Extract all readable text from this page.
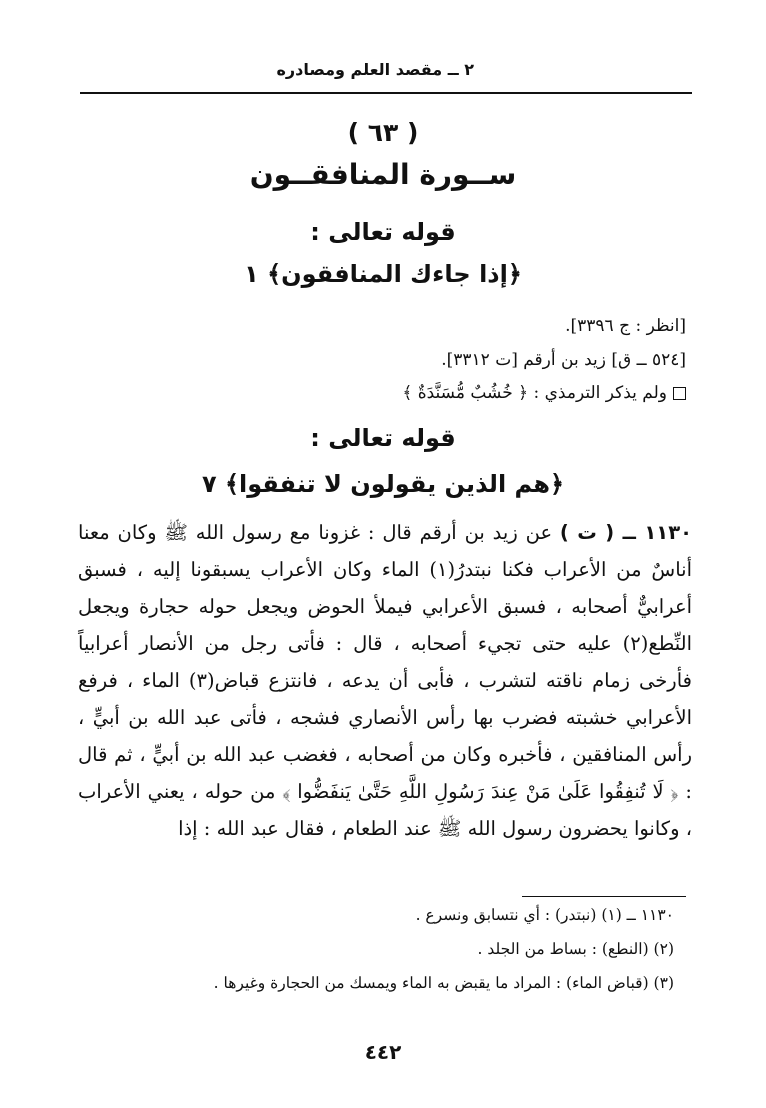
٢ ــ مقصد العلم ومصادره
( ٦٣ )
ســورة المنافقــون
قوله تعالى :
﴿إذا جاءك المنافقون﴾ ١
[انظر : ج ٣٣٩٦].
[٥٢٤ ــ ق] زيد بن أرقم [ت ٣٣١٢].
ولم يذكر الترمذي : ﴿ خُشُبٌ مُّسَنَّدَةٌ ﴾
قوله تعالى :
﴿هم الذين يقولون لا تنفقوا﴾ ٧
١١٣٠ ــ ( ت ) عن زيد بن أرقم قال : غزونا مع رسول الله ﷺ وكان معنا أناسٌ من الأعراب فكنا نبتدرُ(١) الماء وكان الأعراب يسبقونا إليه ، فسبق أعرابيٌّ أصحابه ، فسبق الأعرابي فيملأ الحوض ويجعل حوله حجارة ويجعل النِّطع(٢) عليه حتى تجيء أصحابه ، قال : فأتى رجل من الأنصار أعرابياً فأرخى زمام ناقته لتشرب ، فأبى أن يدعه ، فانتزع قباض(٣) الماء ، فرفع الأعرابي خشبته فضرب بها رأس الأنصاري فشجه ، فأتى عبد الله بن أبيٍّ ، رأس المنافقين ، فأخبره وكان من أصحابه ، فغضب عبد الله بن أبيٍّ ، ثم قال : ﴿ لَا تُنفِقُوا عَلَىٰ مَنْ عِندَ رَسُولِ اللَّهِ حَتَّىٰ يَنفَضُّوا ﴾ من حوله ، يعني الأعراب ، وكانوا يحضرون رسول الله ﷺ عند الطعام ، فقال عبد الله : إذا
١١٣٠ ــ (١) (نبتدر) : أي نتسابق ونسرع .
(٢) (النطع) : بساط من الجلد .
(٣) (قباض الماء) : المراد ما يقبض به الماء ويمسك من الحجارة وغيرها .
٤٤٢
